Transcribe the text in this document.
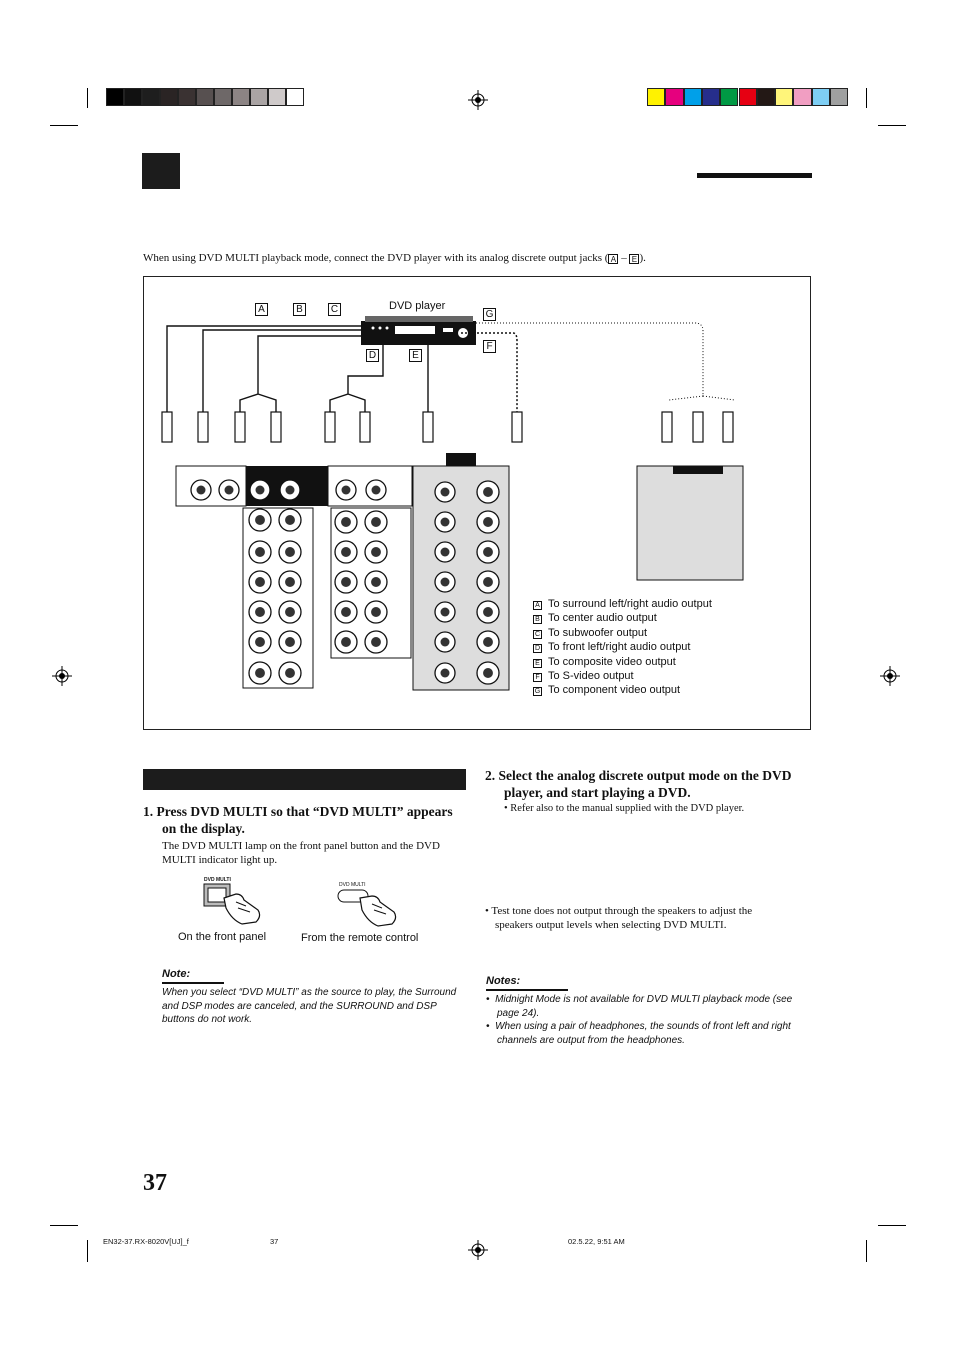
When using DVD MULTI playback mode, connect the DVD player with its analog discrete output jacks ( A – E ).
A	B	C	DVD player
G
F
D	E
A To surround left/right audio output
B To center audio output
C To subwoofer output
D To front left/right audio output
E To composite video output
F To S-video output
G To component video output
1. Press DVD MULTI so that “DVD MULTI” appears on the display.
The DVD MULTI lamp on the front panel button and the DVD MULTI indicator light up.
DVD MULTI
DVD MULTI
On the front panel	From the remote control
Note:
When you select “DVD MULTI” as the source to play, the Surround and DSP modes are canceled, and the SURROUND and DSP buttons do not work.
2. Select the analog discrete output mode on the DVD player, and start playing a DVD.
• Refer also to the manual supplied with the DVD player.
• Test tone does not output through the speakers to adjust the speakers output levels when selecting DVD MULTI.
Notes:
•  Midnight Mode is not available for DVD MULTI playback mode (see page 24).
•  When using a pair of headphones, the sounds of front left and right channels are output from the headphones.
37
EN32-37.RX-8020V[UJ]_f	37	02.5.22, 9:51 AM
